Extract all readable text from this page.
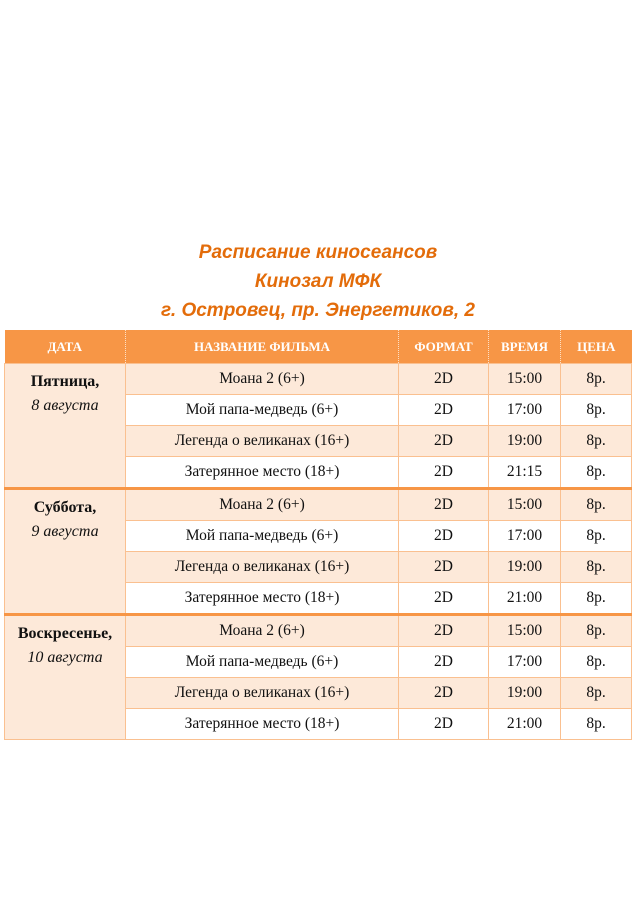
Расписание киносеансов
Кинозал МФК
г. Островец, пр. Энергетиков, 2
ДАТА	НАЗВАНИЕ ФИЛЬМА	ФОРМАТ	ВРЕМЯ	ЦЕНА

Пятница,
8 августа	Моана 2 (6+)	2D	15:00	8р.
	Мой папа-медведь (6+)	2D	17:00	8р.
	Легенда о великанах (16+)	2D	19:00	8р.
	Затерянное место (18+)	2D	21:15	8р.

Суббота,
9 августа	Моана 2 (6+)	2D	15:00	8р.
	Мой папа-медведь (6+)	2D	17:00	8р.
	Легенда о великанах (16+)	2D	19:00	8р.
	Затерянное место (18+)	2D	21:00	8р.

Воскресенье,
10 августа	Моана 2 (6+)	2D	15:00	8р.
	Мой папа-медведь (6+)	2D	17:00	8р.
	Легенда о великанах (16+)	2D	19:00	8р.
	Затерянное место (18+)	2D	21:00	8р.
